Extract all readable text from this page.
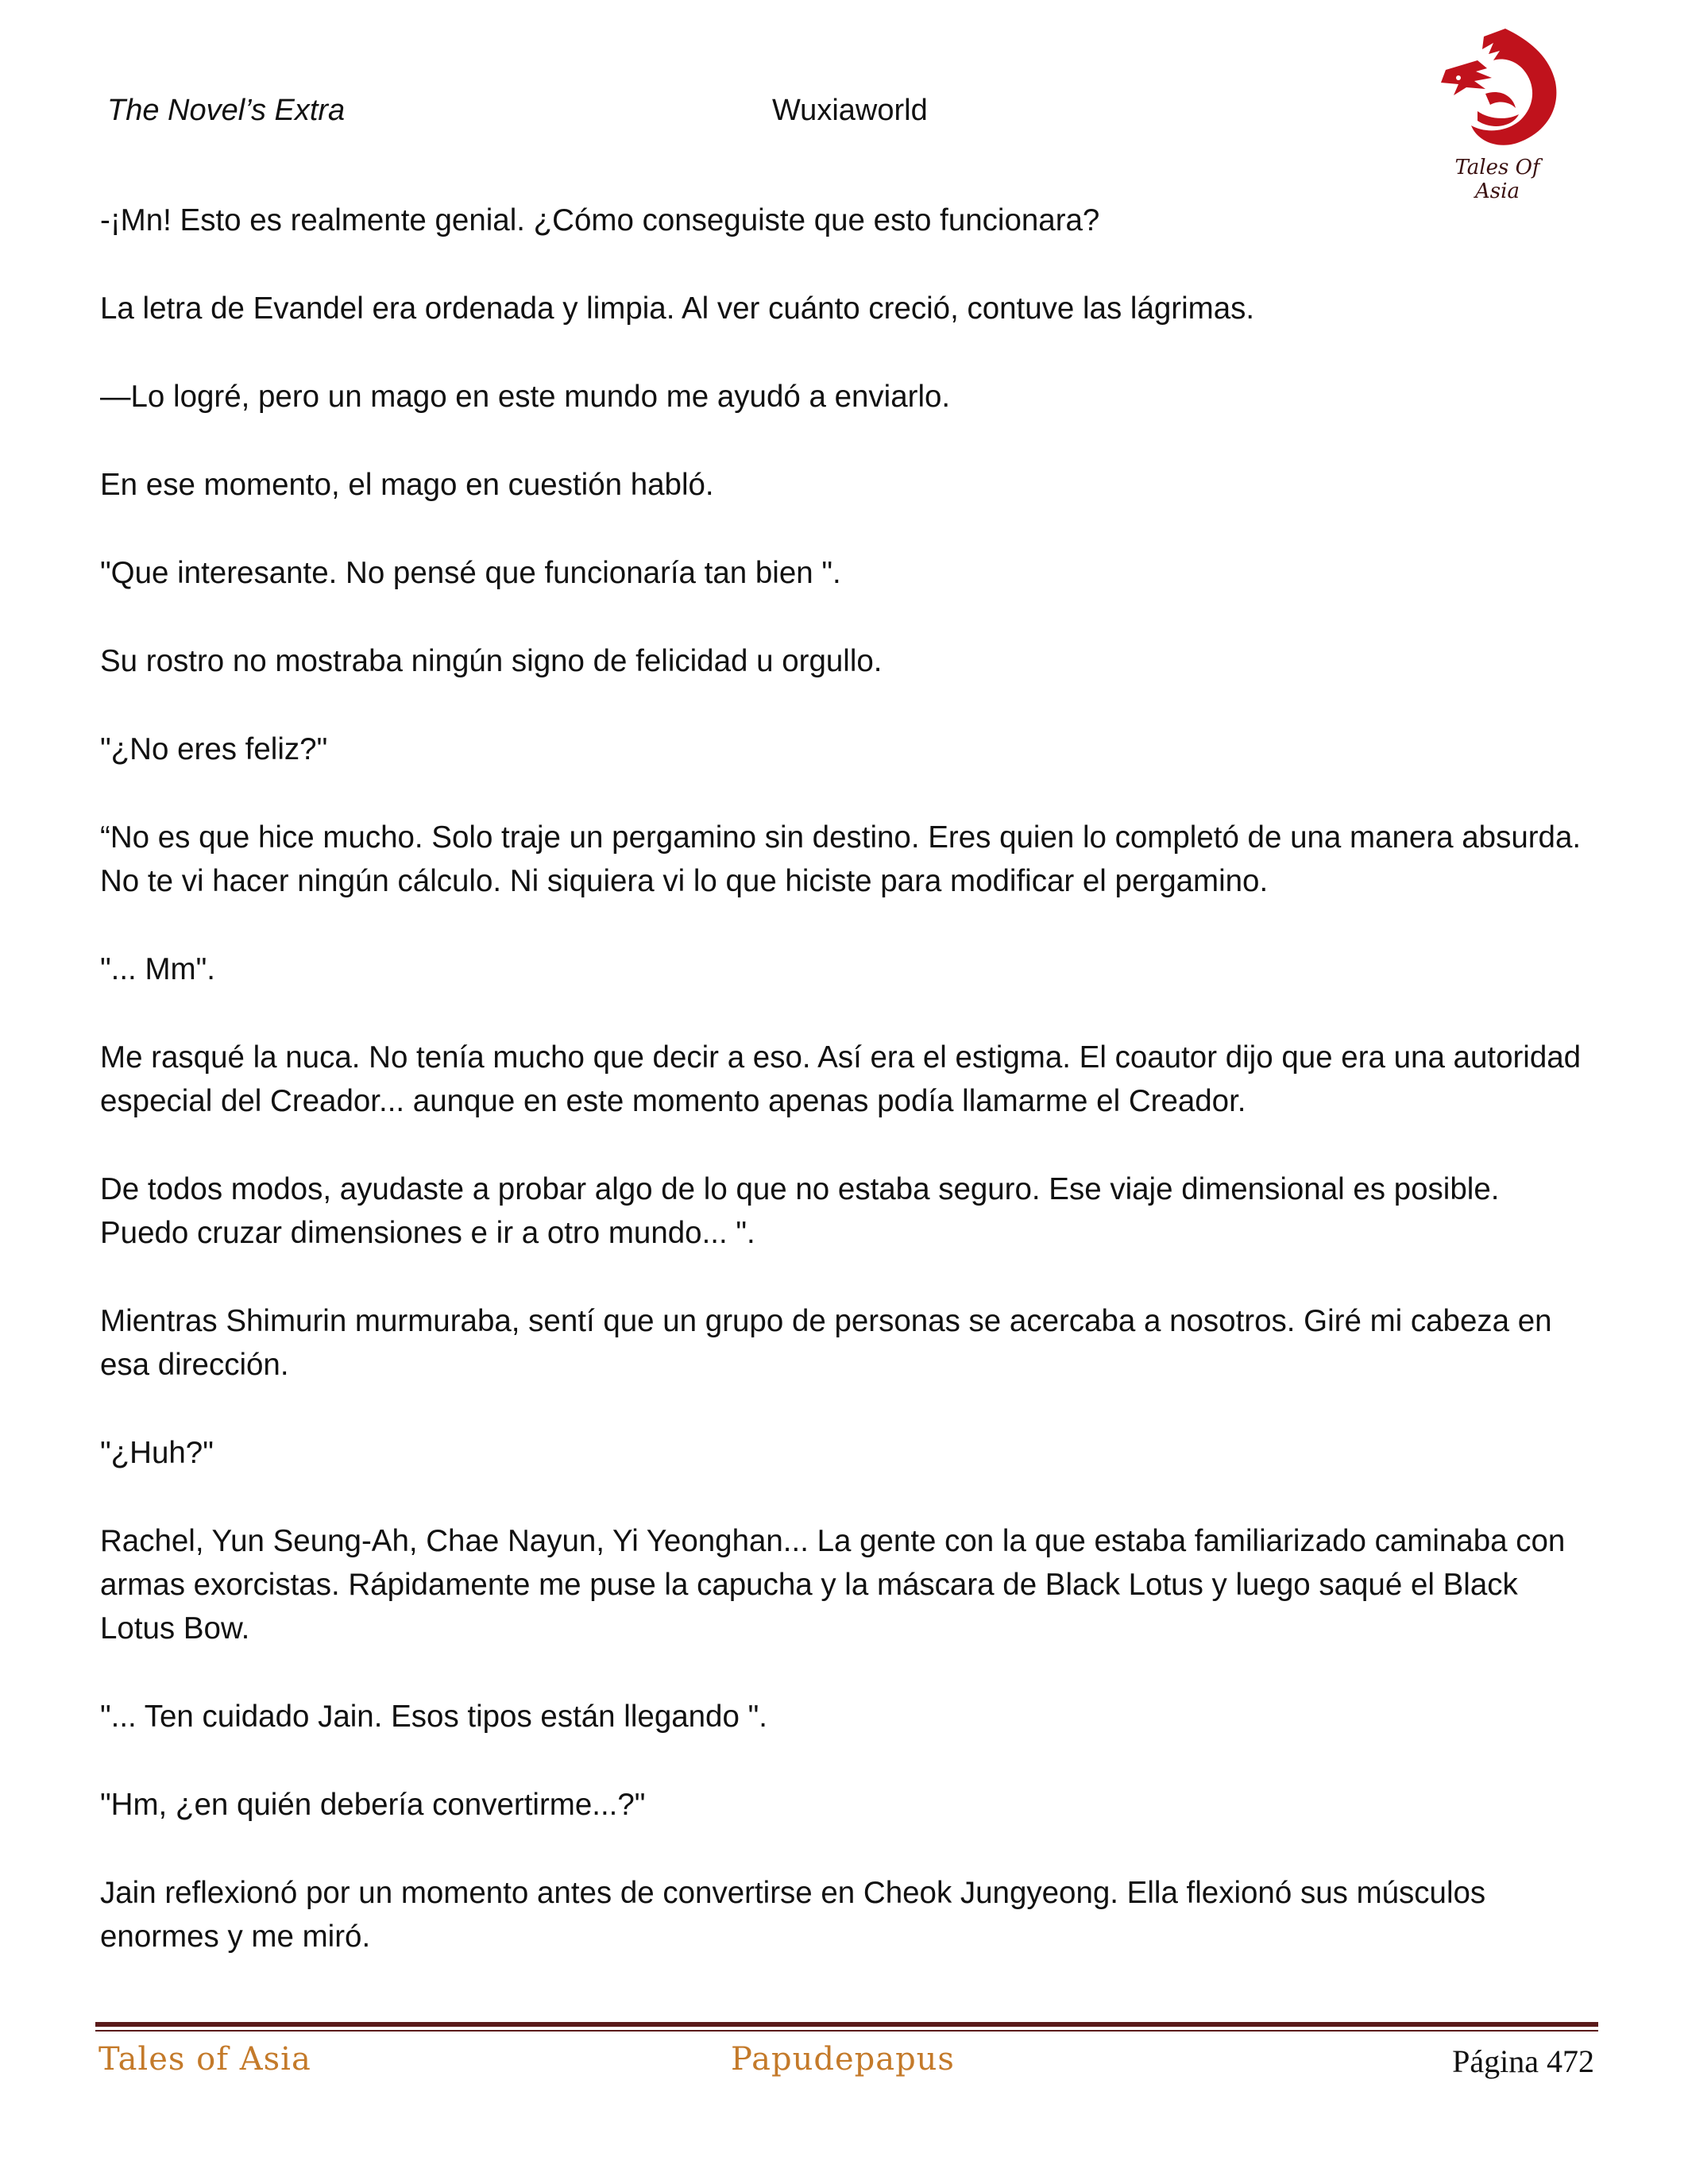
The Novel’s Extra	Wuxiaworld
Tales Of Asia

-¡Mn! Esto es realmente genial. ¿Cómo conseguiste que esto funcionara?

La letra de Evandel era ordenada y limpia. Al ver cuánto creció, contuve las lágrimas.

—Lo logré, pero un mago en este mundo me ayudó a enviarlo.

En ese momento, el mago en cuestión habló.

"Que interesante. No pensé que funcionaría tan bien ".

Su rostro no mostraba ningún signo de felicidad u orgullo.

"¿No eres feliz?"

“No es que hice mucho. Solo traje un pergamino sin destino. Eres quien lo completó de una manera absurda. No te vi hacer ningún cálculo. Ni siquiera vi lo que hiciste para modificar el pergamino.

"... Mm".

Me rasqué la nuca. No tenía mucho que decir a eso. Así era el estigma. El coautor dijo que era una autoridad especial del Creador... aunque en este momento apenas podía llamarme el Creador.

De todos modos, ayudaste a probar algo de lo que no estaba seguro. Ese viaje dimensional es posible. Puedo cruzar dimensiones e ir a otro mundo... ".

Mientras Shimurin murmuraba, sentí que un grupo de personas se acercaba a nosotros. Giré mi cabeza en esa dirección.

"¿Huh?"

Rachel, Yun Seung-Ah, Chae Nayun, Yi Yeonghan... La gente con la que estaba familiarizado caminaba con armas exorcistas. Rápidamente me puse la capucha y la máscara de Black Lotus y luego saqué el Black Lotus Bow.

"... Ten cuidado Jain. Esos tipos están llegando ".

"Hm, ¿en quién debería convertirme...?"

Jain reflexionó por un momento antes de convertirse en Cheok Jungyeong. Ella flexionó sus músculos enormes y me miró.

Tales of Asia	Papudepapus	Página 472
